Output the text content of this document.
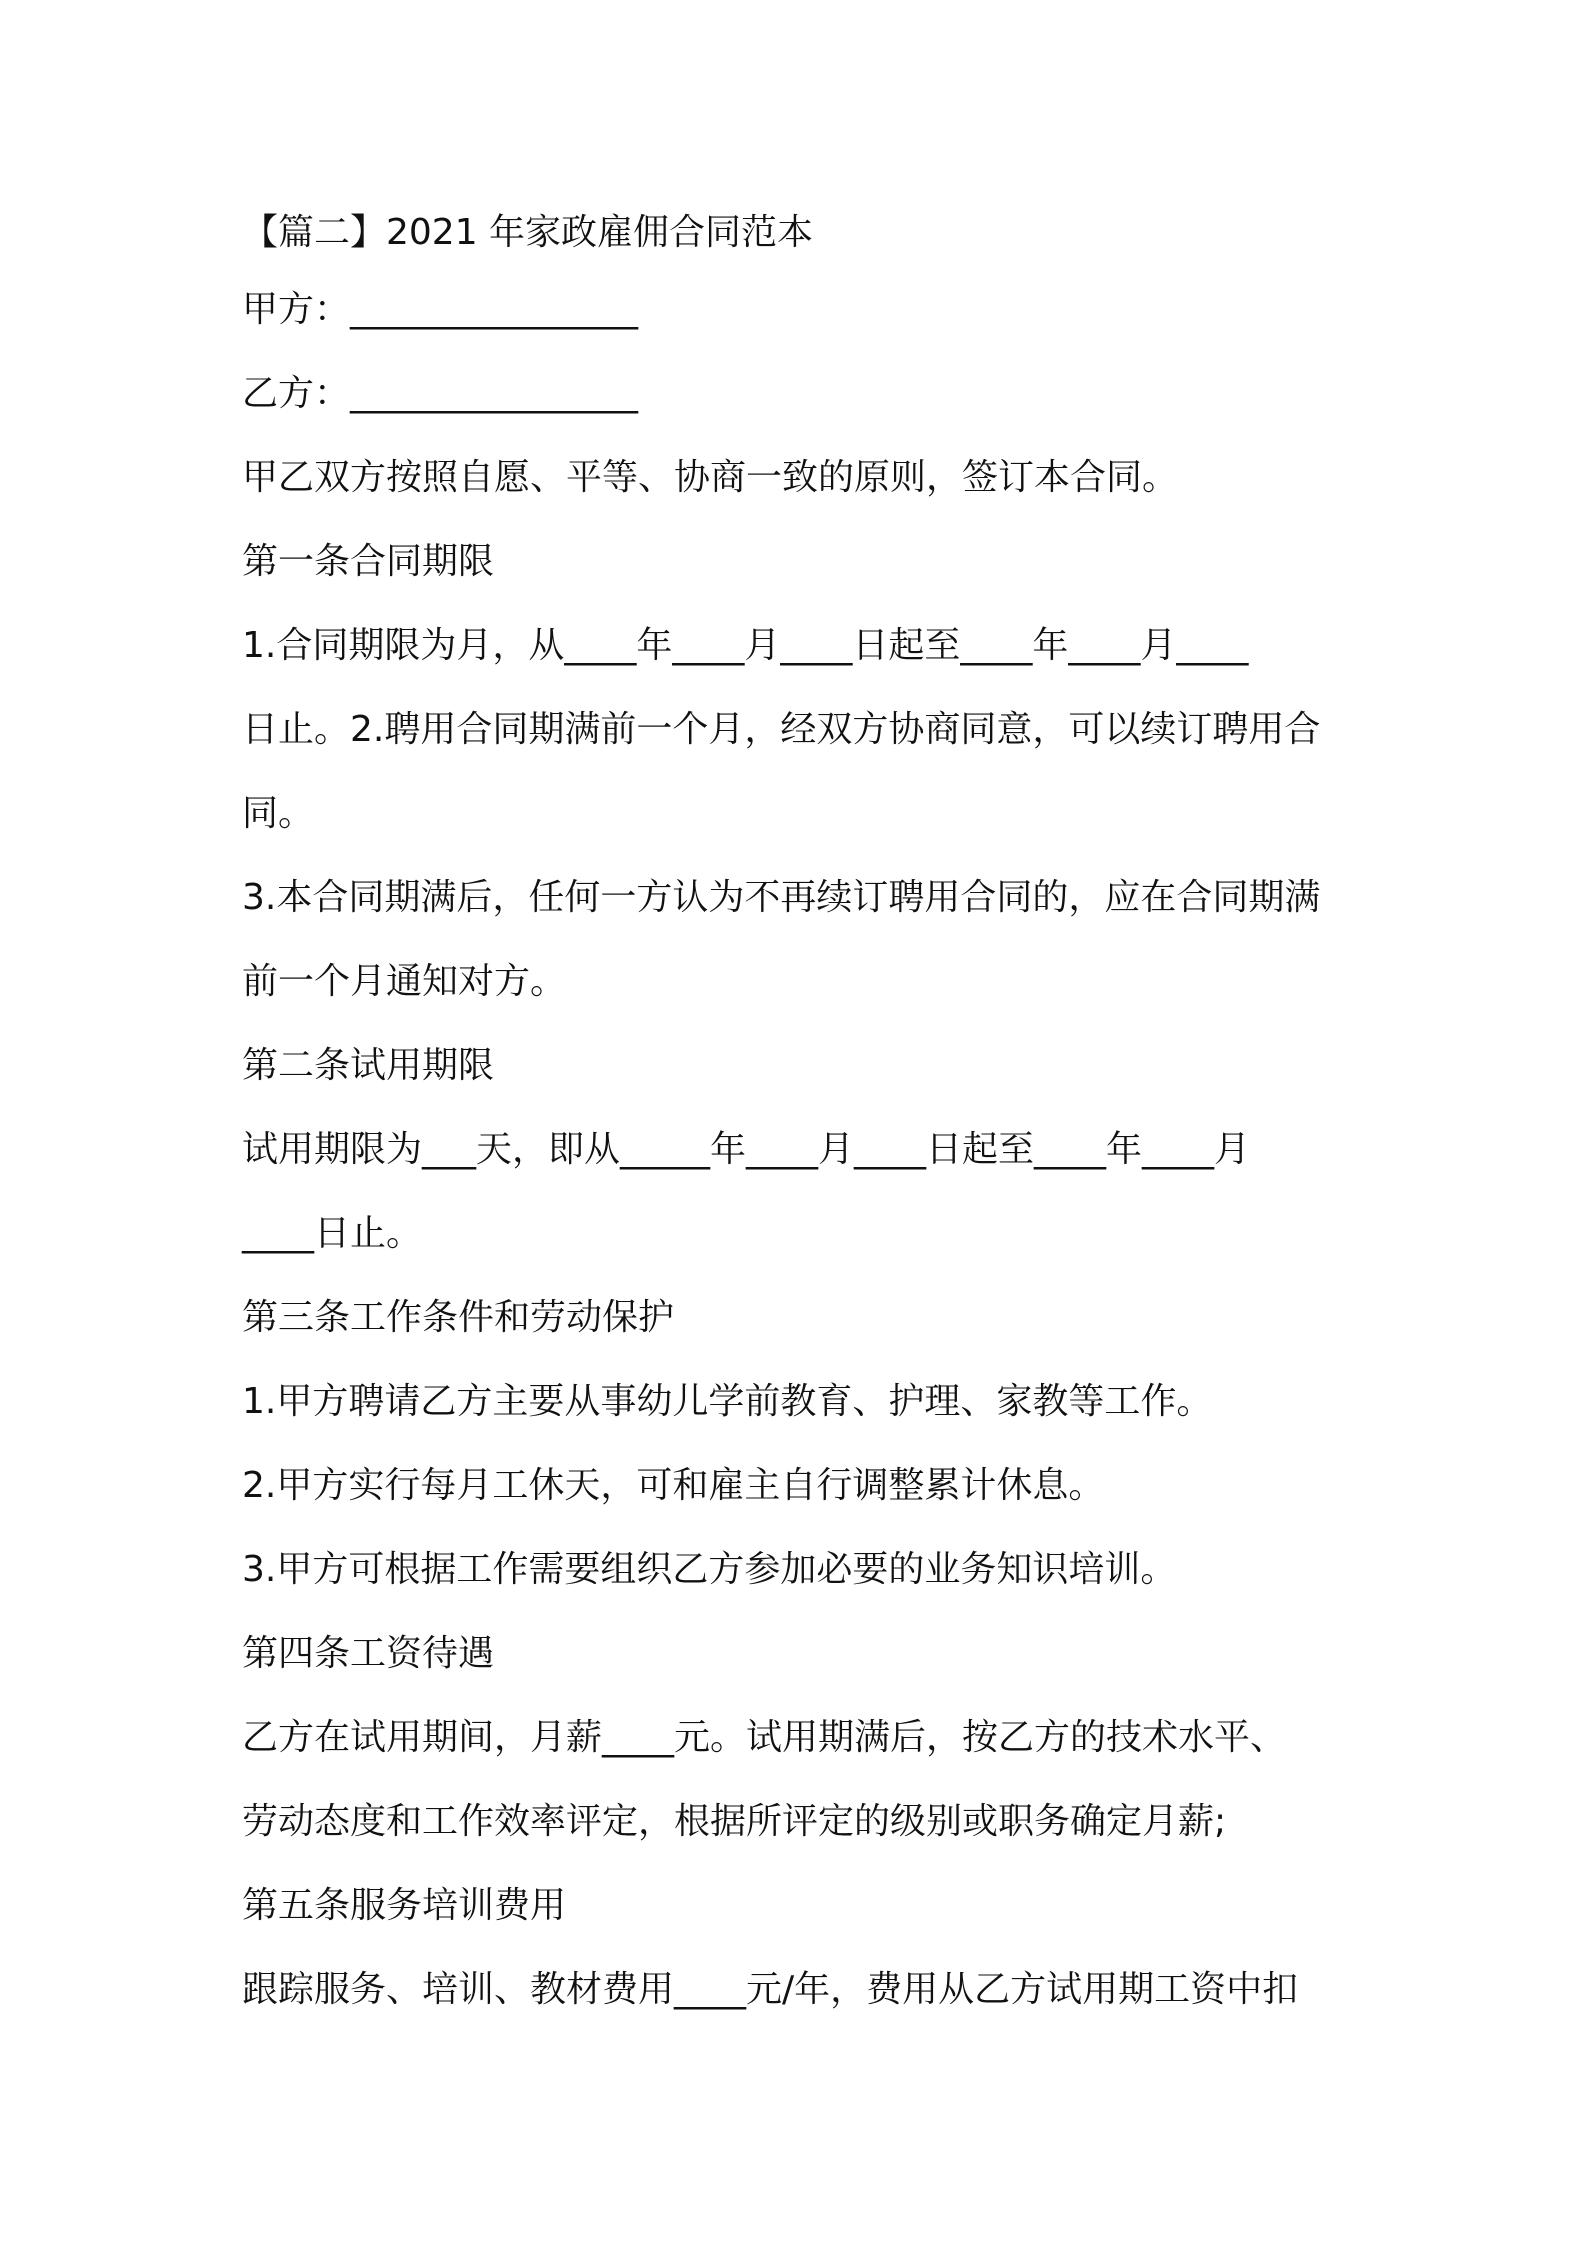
【篇二】2021 年家政雇佣合同范本

甲方：________________

乙方：________________

甲乙双方按照自愿、平等、协商一致的原则，签订本合同。

第一条合同期限

1.合同期限为月，从____年____月____日起至____年____月____

日止。2.聘用合同期满前一个月，经双方协商同意，可以续订聘用合

同。

3.本合同期满后，任何一方认为不再续订聘用合同的，应在合同期满

前一个月通知对方。

第二条试用期限

试用期限为___天，即从_____年____月____日起至____年____月

____日止。

第三条工作条件和劳动保护

1.甲方聘请乙方主要从事幼儿学前教育、护理、家教等工作。

2.甲方实行每月工休天，可和雇主自行调整累计休息。

3.甲方可根据工作需要组织乙方参加必要的业务知识培训。

第四条工资待遇

乙方在试用期间，月薪____元。试用期满后，按乙方的技术水平、

劳动态度和工作效率评定，根据所评定的级别或职务确定月薪;

第五条服务培训费用

跟踪服务、培训、教材费用____元/年，费用从乙方试用期工资中扣
